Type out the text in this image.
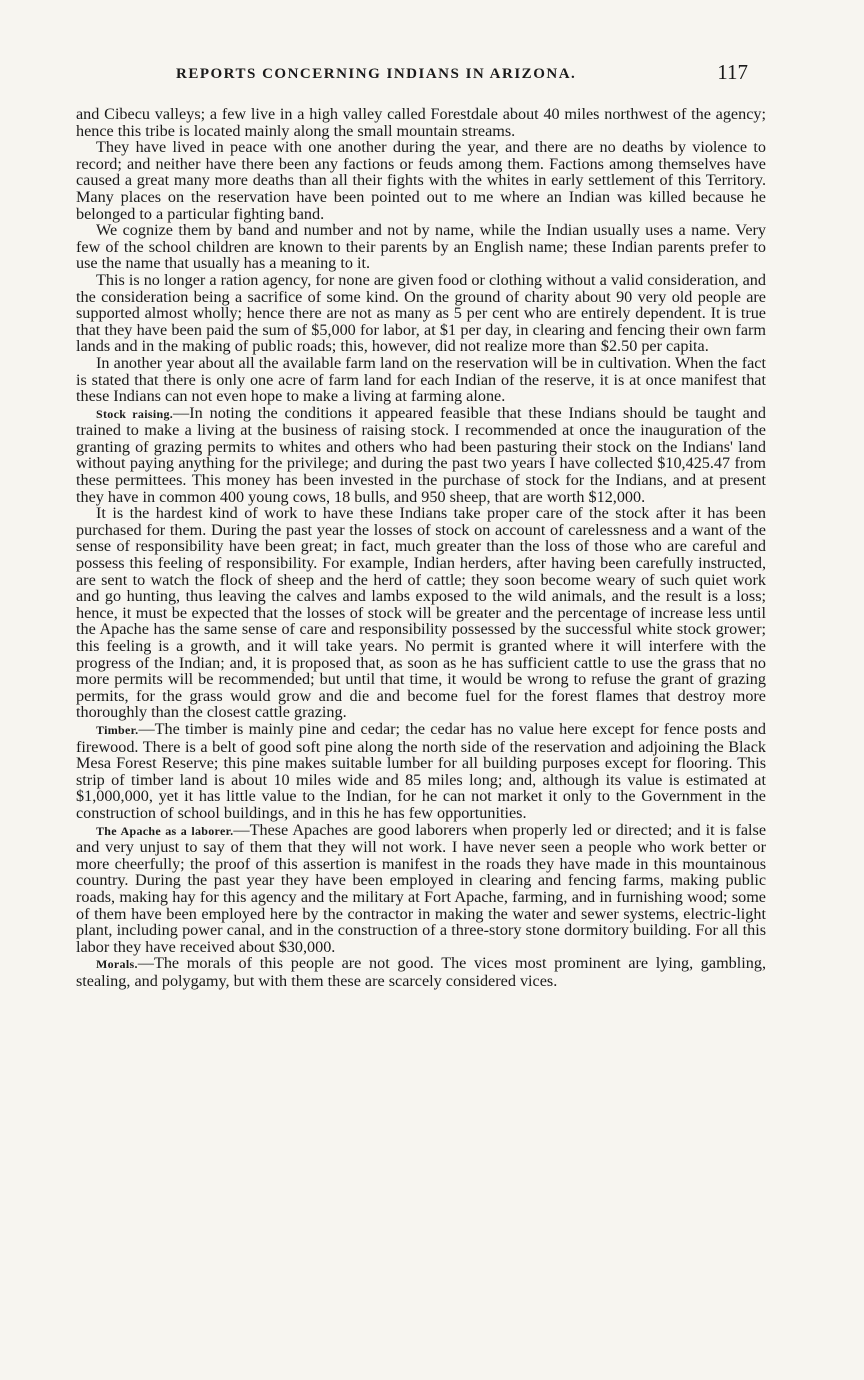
REPORTS CONCERNING INDIANS IN ARIZONA.	117

and Cibecu valleys; a few live in a high valley called Forestdale about 40 miles northwest of the agency; hence this tribe is located mainly along the small mountain streams.

They have lived in peace with one another during the year, and there are no deaths by violence to record; and neither have there been any factions or feuds among them. Factions among themselves have caused a great many more deaths than all their fights with the whites in early settlement of this Territory. Many places on the reservation have been pointed out to me where an Indian was killed because he belonged to a particular fighting band.

We cognize them by band and number and not by name, while the Indian usually uses a name. Very few of the school children are known to their parents by an English name; these Indian parents prefer to use the name that usually has a meaning to it.

This is no longer a ration agency, for none are given food or clothing without a valid consideration, and the consideration being a sacrifice of some kind. On the ground of charity about 90 very old people are supported almost wholly; hence there are not as many as 5 per cent who are entirely dependent. It is true that they have been paid the sum of $5,000 for labor, at $1 per day, in clearing and fencing their own farm lands and in the making of public roads; this, however, did not realize more than $2.50 per capita.

In another year about all the available farm land on the reservation will be in cultivation. When the fact is stated that there is only one acre of farm land for each Indian of the reserve, it is at once manifest that these Indians can not even hope to make a living at farming alone.

Stock raising.—In noting the conditions it appeared feasible that these Indians should be taught and trained to make a living at the business of raising stock. I recommended at once the inauguration of the granting of grazing permits to whites and others who had been pasturing their stock on the Indians' land without paying anything for the privilege; and during the past two years I have collected $10,425.47 from these permittees. This money has been invested in the purchase of stock for the Indians, and at present they have in common 400 young cows, 18 bulls, and 950 sheep, that are worth $12,000.

It is the hardest kind of work to have these Indians take proper care of the stock after it has been purchased for them. During the past year the losses of stock on account of carelessness and a want of the sense of responsibility have been great; in fact, much greater than the loss of those who are careful and possess this feeling of responsibility. For example, Indian herders, after having been carefully instructed, are sent to watch the flock of sheep and the herd of cattle; they soon become weary of such quiet work and go hunting, thus leaving the calves and lambs exposed to the wild animals, and the result is a loss; hence, it must be expected that the losses of stock will be greater and the percentage of increase less until the Apache has the same sense of care and responsibility possessed by the successful white stock grower; this feeling is a growth, and it will take years. No permit is granted where it will interfere with the progress of the Indian; and, it is proposed that, as soon as he has sufficient cattle to use the grass that no more permits will be recommended; but until that time, it would be wrong to refuse the grant of grazing permits, for the grass would grow and die and become fuel for the forest flames that destroy more thoroughly than the closest cattle grazing.

Timber.—The timber is mainly pine and cedar; the cedar has no value here except for fence posts and firewood. There is a belt of good soft pine along the north side of the reservation and adjoining the Black Mesa Forest Reserve; this pine makes suitable lumber for all building purposes except for flooring. This strip of timber land is about 10 miles wide and 85 miles long; and, although its value is estimated at $1,000,000, yet it has little value to the Indian, for he can not market it only to the Government in the construction of school buildings, and in this he has few opportunities.

The Apache as a laborer.—These Apaches are good laborers when properly led or directed; and it is false and very unjust to say of them that they will not work. I have never seen a people who work better or more cheerfully; the proof of this assertion is manifest in the roads they have made in this mountainous country. During the past year they have been employed in clearing and fencing farms, making public roads, making hay for this agency and the military at Fort Apache, farming, and in furnishing wood; some of them have been employed here by the contractor in making the water and sewer systems, electric-light plant, including power canal, and in the construction of a three-story stone dormitory building. For all this labor they have received about $30,000.

Morals.—The morals of this people are not good. The vices most prominent are lying, gambling, stealing, and polygamy, but with them these are scarcely considered vices.
